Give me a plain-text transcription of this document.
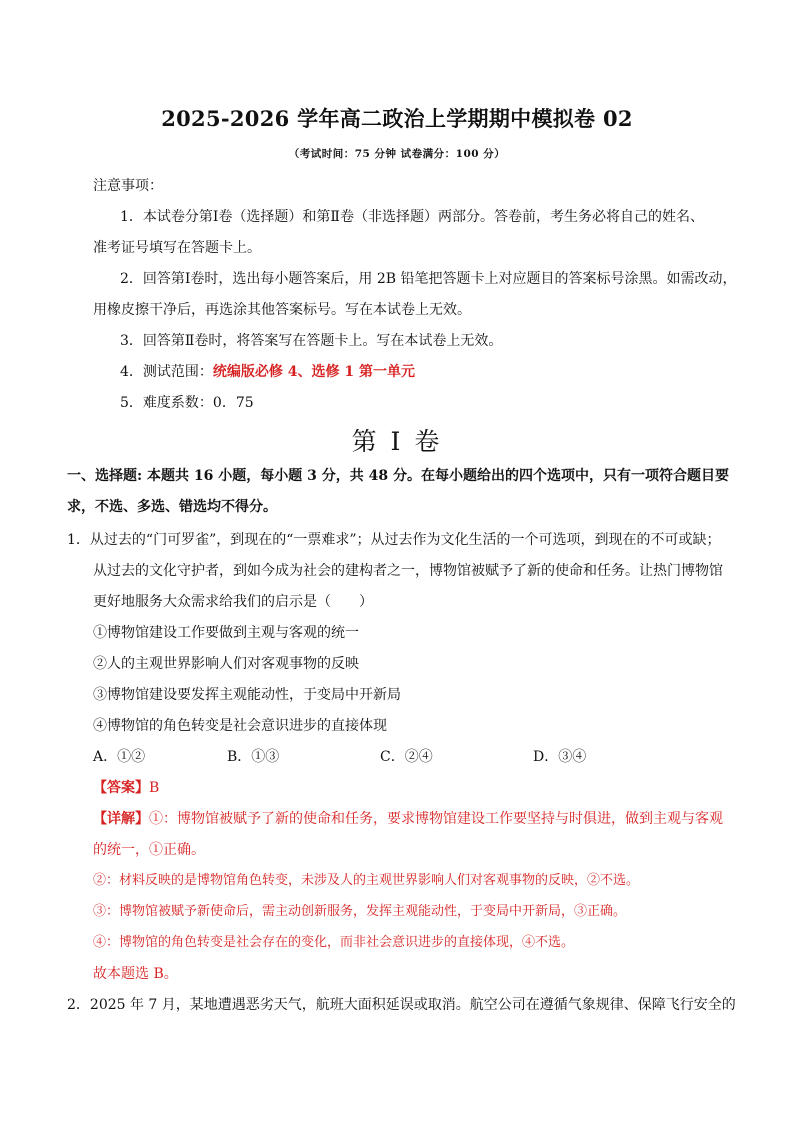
2025-2026 学年高二政治上学期期中模拟卷 02
（考试时间：75 分钟 试卷满分：100 分）
注意事项：
1．本试卷分第Ⅰ卷（选择题）和第Ⅱ卷（非选择题）两部分。答卷前，考生务必将自己的姓名、
准考证号填写在答题卡上。
2．回答第Ⅰ卷时，选出每小题答案后，用 2B 铅笔把答题卡上对应题目的答案标号涂黑。如需改动，
用橡皮擦干净后，再选涂其他答案标号。写在本试卷上无效。
3．回答第Ⅱ卷时，将答案写在答题卡上。写在本试卷上无效。
4．测试范围：统编版必修 4、选修 1 第一单元
5．难度系数：0．75
第 I 卷
一、选择题: 本题共 16 小题，每小题 3 分，共 48 分。在每小题给出的四个选项中，只有一项符合题目要
求，不选、多选、错选均不得分。
1．从过去的“门可罗雀”，到现在的“一票难求”；从过去作为文化生活的一个可选项，到现在的不可或缺；
从过去的文化守护者，到如今成为社会的建构者之一，博物馆被赋予了新的使命和任务。让热门博物馆
更好地服务大众需求给我们的启示是（　　）
①博物馆建设工作要做到主观与客观的统一
②人的主观世界影响人们对客观事物的反映
③博物馆建设要发挥主观能动性，于变局中开新局
④博物馆的角色转变是社会意识进步的直接体现
A．①②	B．①③	C．②④	D．③④
【答案】B
【详解】①：博物馆被赋予了新的使命和任务，要求博物馆建设工作要坚持与时俱进，做到主观与客观
的统一，①正确。
②：材料反映的是博物馆角色转变，未涉及人的主观世界影响人们对客观事物的反映，②不选。
③：博物馆被赋予新使命后，需主动创新服务，发挥主观能动性，于变局中开新局，③正确。
④：博物馆的角色转变是社会存在的变化，而非社会意识进步的直接体现，④不选。
故本题选 B。
2．2025 年 7 月，某地遭遇恶劣天气，航班大面积延误或取消。航空公司在遵循气象规律、保障飞行安全的
